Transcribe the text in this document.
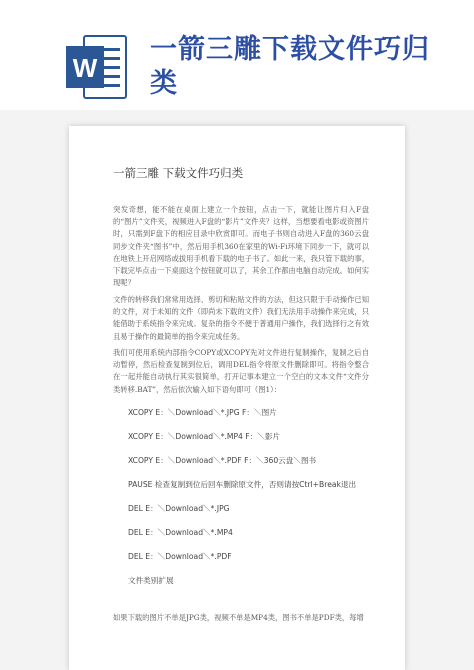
W
一箭三雕下载文件巧归
类
一箭三雕 下载文件巧归类
突发奇想，能不能在桌面上建立一个按钮，点击一下，就能让图片归入F盘的“图片”文件夹，视频进入F盘的“影片”文件夹？这样，当想要看电影或资图片时，只需到F盘下的相应目录中欣赏即可。而电子书则自动进入F盘的360云盘同步文件夹“图书”中，然后用手机360在家里的Wi-Fi环境下同步一下，就可以在地铁上开启网络或拔用手机看下载的电子书了。如此一来，我只管下载的事，下载完毕点击一下桌面这个按钮就可以了，其余工作都由电脑自动完成。如何实现呢？
文件的转移我们常常用选择、剪切和粘贴文件的方法，但这只限于手动操作已知的文件，对于未知的文件（即尚未下载的文件）我们无法用手动操作来完成，只能借助于系统指令来完成。复杂的指令不便于普通用户操作，我们选择行之有效且易于操作的最简单的指令来完成任务。
我们可使用系统内部指令COPY或XCOPY先对文件进行复制操作，复制之后自动暂停，然后检查复制到位后，调用DEL指令将原文件删除即可。将指令整合在一起并能自动执行其实很简单，打开记事本建立一个空白的文本文件“文件分类转移.BAT”，然后依次输入如下语句即可（图1）：
XCOPY E：＼Download＼*.JPG F：＼图片
XCOPY E：＼Download＼*.MP4 F：＼影片
XCOPY E：＼Download＼*.PDF F：＼360云盘＼图书
PAUSE 检查复制到位后回车删除原文件，否则请按Ctrl+Break退出
DEL E：＼Download＼*.JPG
DEL E：＼Download＼*.MP4
DEL E：＼Download＼*.PDF
文件类别扩展
如果下载的图片不单是JPG类，视频不单是MP4类，图书不单是PDF类，每增
